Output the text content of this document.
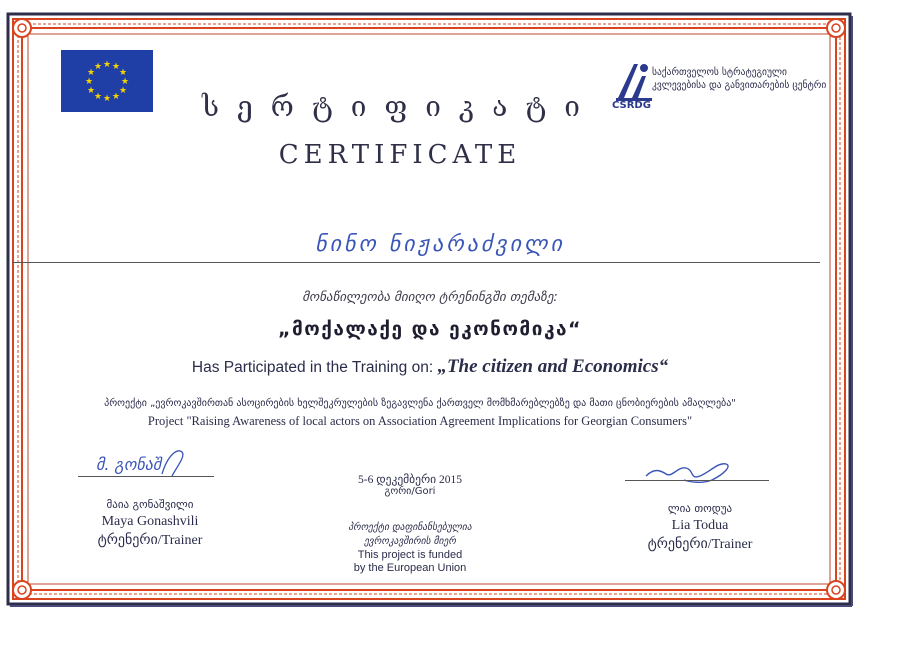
★ ★
★
★
★
★
★
★
★
★
★
★
CSRDG
საქართველოს სტრატეგიული კვლევებისა და განვითარების ცენტრი
სერტიფიკატი
CERTIFICATE
ნინო ნიჟარაძვილი
მონაწილეობა მიიღო ტრენინგში თემაზე:
„მოქალაქე და ეკონომიკა“
Has Participated in the Training on: „The citizen and Economics“
პროექტი „ევროკავშირთან ასოცირების ხელშეკრულების ზეგავლენა ქართველ მომხმარებლებზე და მათი ცნობიერების ამაღლება"
Project "Raising Awareness of local actors on Association Agreement Implications for Georgian Consumers"
მ. გონაშ
მაია გონაშვილი
Maya Gonashvili
ტრენერი/Trainer
5-6 დეკემბერი 2015
გორი/Gori
პროექტი დაფინანსებულია
ევროკავშირის მიერ
This project is funded
by the European Union
ლია თოდუა
Lia Todua
ტრენერი/Trainer
